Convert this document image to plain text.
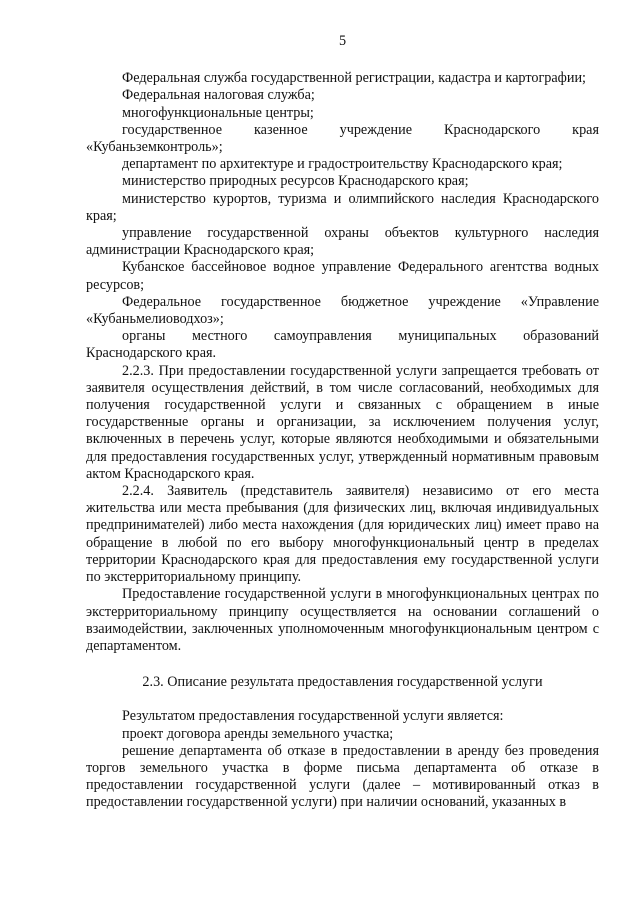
5

Федеральная служба государственной регистрации, кадастра и картографии;

Федеральная налоговая служба;

многофункциональные центры;

государственное казенное учреждение Краснодарского края «Кубаньземконтроль»;

департамент по архитектуре и градостроительству Краснодарского края;

министерство природных ресурсов Краснодарского края;

министерство курортов, туризма и олимпийского наследия Краснодарского края;

управление государственной охраны объектов культурного наследия администрации Краснодарского края;

Кубанское бассейновое водное управление Федерального агентства водных ресурсов;

Федеральное государственное бюджетное учреждение «Управление «Кубаньмелиоводхоз»;

органы местного самоуправления муниципальных образований Краснодарского края.

2.2.3. При предоставлении государственной услуги запрещается требовать от заявителя осуществления действий, в том числе согласований, необходимых для получения государственной услуги и связанных с обращением в иные государственные органы и организации, за исключением получения услуг, включенных в перечень услуг, которые являются необходимыми и обязательными для предоставления государственных услуг, утвержденный нормативным правовым актом Краснодарского края.

2.2.4. Заявитель (представитель заявителя) независимо от его места жительства или места пребывания (для физических лиц, включая индивидуальных предпринимателей) либо места нахождения (для юридических лиц) имеет право на обращение в любой по его выбору многофункциональный центр в пределах территории Краснодарского края для предоставления ему государственной услуги по экстерриториальному принципу.

Предоставление государственной услуги в многофункциональных центрах по экстерриториальному принципу осуществляется на основании соглашений о взаимодействии, заключенных уполномоченным многофункциональным центром с департаментом.

2.3. Описание результата предоставления государственной услуги

Результатом предоставления государственной услуги является:

проект договора аренды земельного участка;

решение департамента об отказе в предоставлении в аренду без проведения торгов земельного участка в форме письма департамента об отказе в предоставлении государственной услуги (далее – мотивированный отказ в предоставлении государственной услуги) при наличии оснований, указанных в
